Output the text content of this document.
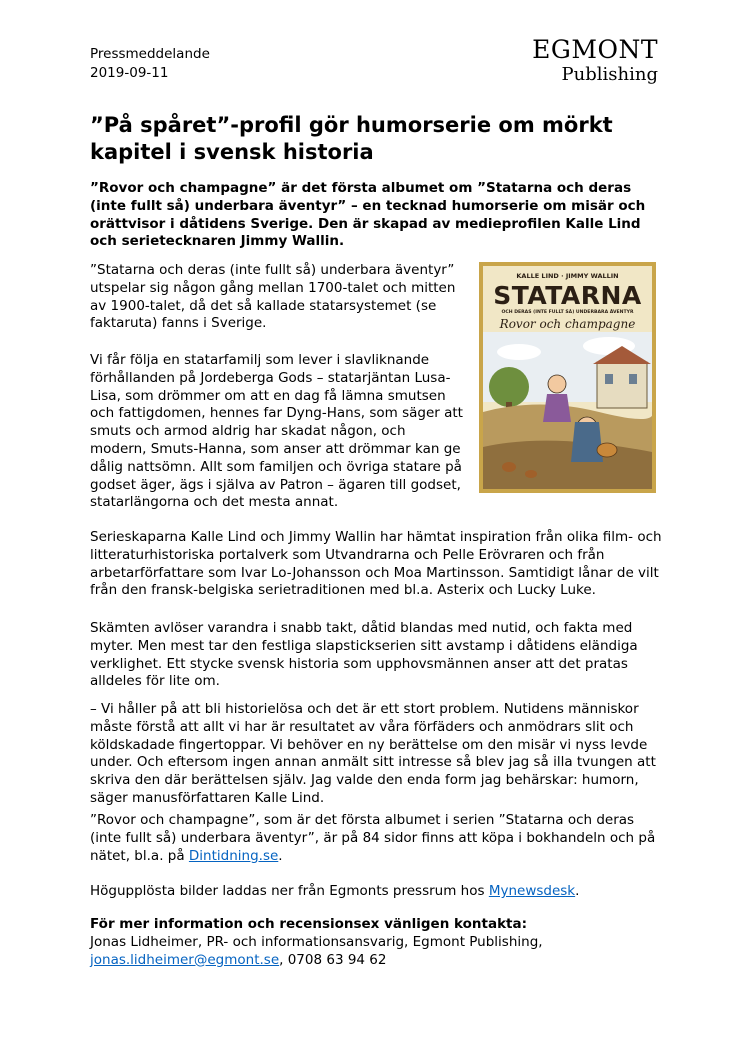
Pressmeddelande
2019-09-11
EGMONT
Publishing
”På spåret”-profil gör humorserie om mörkt kapitel i svensk historia

”Rovor och champagne” är det första albumet om ”Statarna och deras (inte fullt så) underbara äventyr” – en tecknad humorserie om misär och orättvisor i dåtidens Sverige. Den är skapad av medieprofilen Kalle Lind och serietecknaren Jimmy Wallin.

”Statarna och deras (inte fullt så) underbara äventyr” utspelar sig någon gång mellan 1700-talet och mitten av 1900-talet, då det så kallade statarsystemet (se faktaruta) fanns i Sverige.

Vi får följa en statarfamilj som lever i slavliknande förhållanden på Jordeberga Gods – statarjäntan Lusa-Lisa, som drömmer om att en dag få lämna smutsen och fattigdomen, hennes far Dyng-Hans, som säger att smuts och armod aldrig har skadat någon, och modern, Smuts-Hanna, som anser att drömmar kan ge dålig nattsömn. Allt som familjen och övriga statare på godset äger, ägs i själva av Patron – ägaren till godset, statarlängorna och det mesta annat.

KALLE LIND · JIMMY WALLIN
STATARNA
OCH DERAS (INTE FULLT SÅ) UNDERBARA ÄVENTYR
Rovor och champagne

Serieskaparna Kalle Lind och Jimmy Wallin har hämtat inspiration från olika film- och litteraturhistoriska portalverk som Utvandrarna och Pelle Erövraren och från arbetarförfattare som Ivar Lo-Johansson och Moa Martinsson. Samtidigt lånar de vilt från den fransk-belgiska serietraditionen med bl.a. Asterix och Lucky Luke.

Skämten avlöser varandra i snabb takt, dåtid blandas med nutid, och fakta med myter. Men mest tar den festliga slapstickserien sitt avstamp i dåtidens eländiga verklighet. Ett stycke svensk historia som upphovsmännen anser att det pratas alldeles för lite om.

– Vi håller på att bli historielösa och det är ett stort problem. Nutidens människor måste förstå att allt vi har är resultatet av våra förfäders och anmödrars slit och köldskadade fingertoppar. Vi behöver en ny berättelse om den misär vi nyss levde under. Och eftersom ingen annan anmält sitt intresse så blev jag så illa tvungen att skriva den där berättelsen själv. Jag valde den enda form jag behärskar: humorn, säger manusförfattaren Kalle Lind.

”Rovor och champagne”, som är det första albumet i serien ”Statarna och deras (inte fullt så) underbara äventyr”, är på 84 sidor finns att köpa i bokhandeln och på nätet, bl.a. på Dintidning.se.

Högupplösta bilder laddas ner från Egmonts pressrum hos Mynewsdesk.

För mer information och recensionsex vänligen kontakta:
Jonas Lidheimer, PR- och informationsansvarig, Egmont Publishing,
jonas.lidheimer@egmont.se, 0708 63 94 62
